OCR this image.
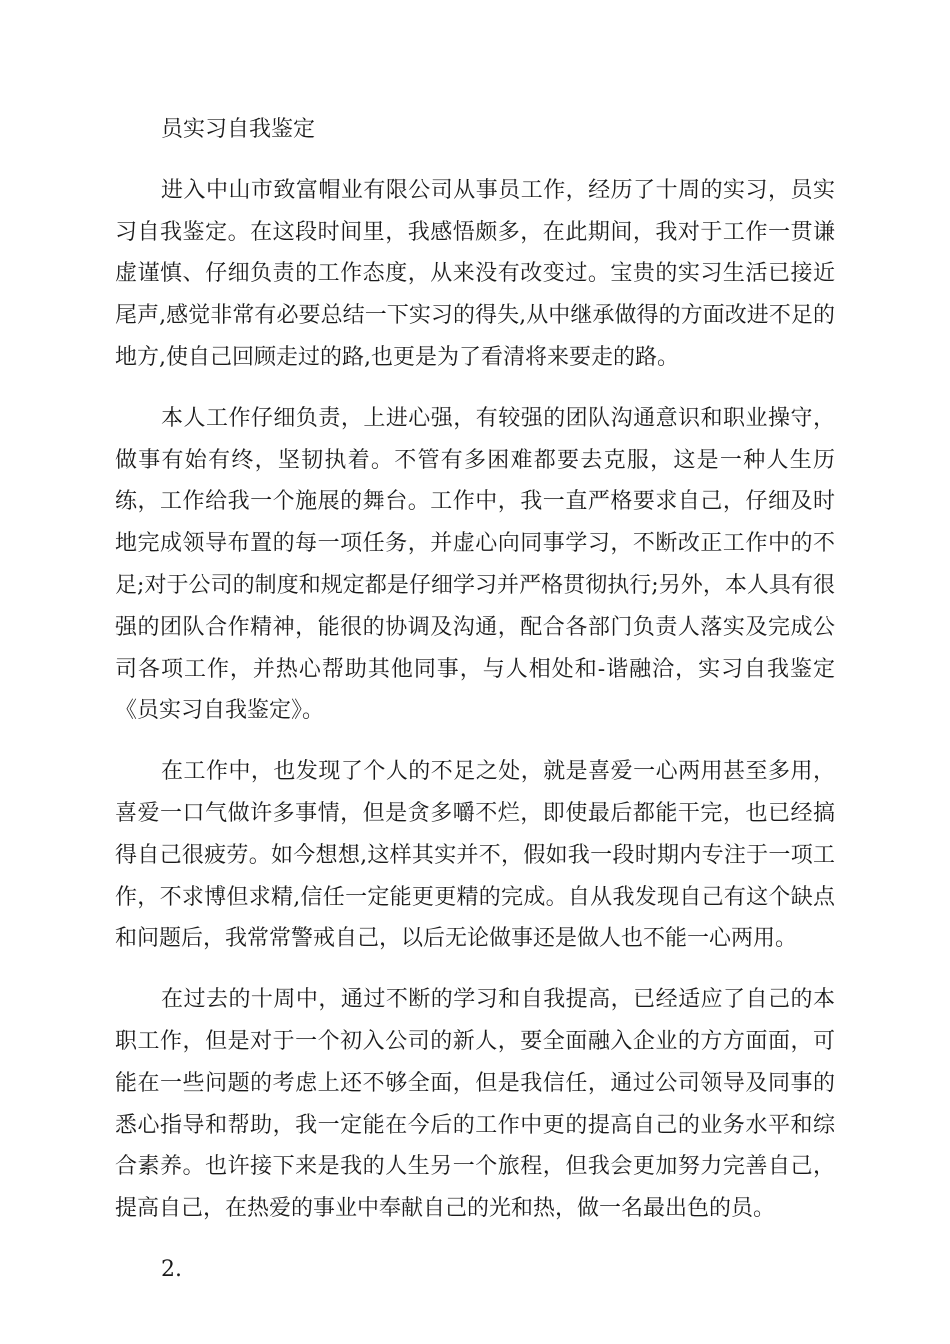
员实习自我鉴定

进入中山市致富帽业有限公司从事员工作，经历了十周的实习，员实习自我鉴定。在这段时间里，我感悟颇多，在此期间，我对于工作一贯谦虚谨慎、仔细负责的工作态度，从来没有改变过。宝贵的实习生活已接近尾声,感觉非常有必要总结一下实习的得失,从中继承做得的方面改进不足的地方,使自己回顾走过的路,也更是为了看清将来要走的路。

本人工作仔细负责，上进心强，有较强的团队沟通意识和职业操守，做事有始有终，坚韧执着。不管有多困难都要去克服，这是一种人生历练，工作给我一个施展的舞台。工作中，我一直严格要求自己，仔细及时地完成领导布置的每一项任务，并虚心向同事学习，不断改正工作中的不足;对于公司的制度和规定都是仔细学习并严格贯彻执行;另外，本人具有很强的团队合作精神，能很的协调及沟通，配合各部门负责人落实及完成公司各项工作，并热心帮助其他同事，与人相处和-谐融洽，实习自我鉴定《员实习自我鉴定》。

在工作中，也发现了个人的不足之处，就是喜爱一心两用甚至多用，喜爱一口气做许多事情，但是贪多嚼不烂，即使最后都能干完，也已经搞得自己很疲劳。如今想想,这样其实并不，假如我一段时期内专注于一项工作，不求博但求精,信任一定能更更精的完成。自从我发现自己有这个缺点和问题后，我常常警戒自己，以后无论做事还是做人也不能一心两用。

在过去的十周中，通过不断的学习和自我提高，已经适应了自己的本职工作，但是对于一个初入公司的新人，要全面融入企业的方方面面，可能在一些问题的考虑上还不够全面，但是我信任，通过公司领导及同事的悉心指导和帮助，我一定能在今后的工作中更的提高自己的业务水平和综合素养。也许接下来是我的人生另一个旅程，但我会更加努力完善自己，提高自己，在热爱的事业中奉献自己的光和热，做一名最出色的员。

2.
